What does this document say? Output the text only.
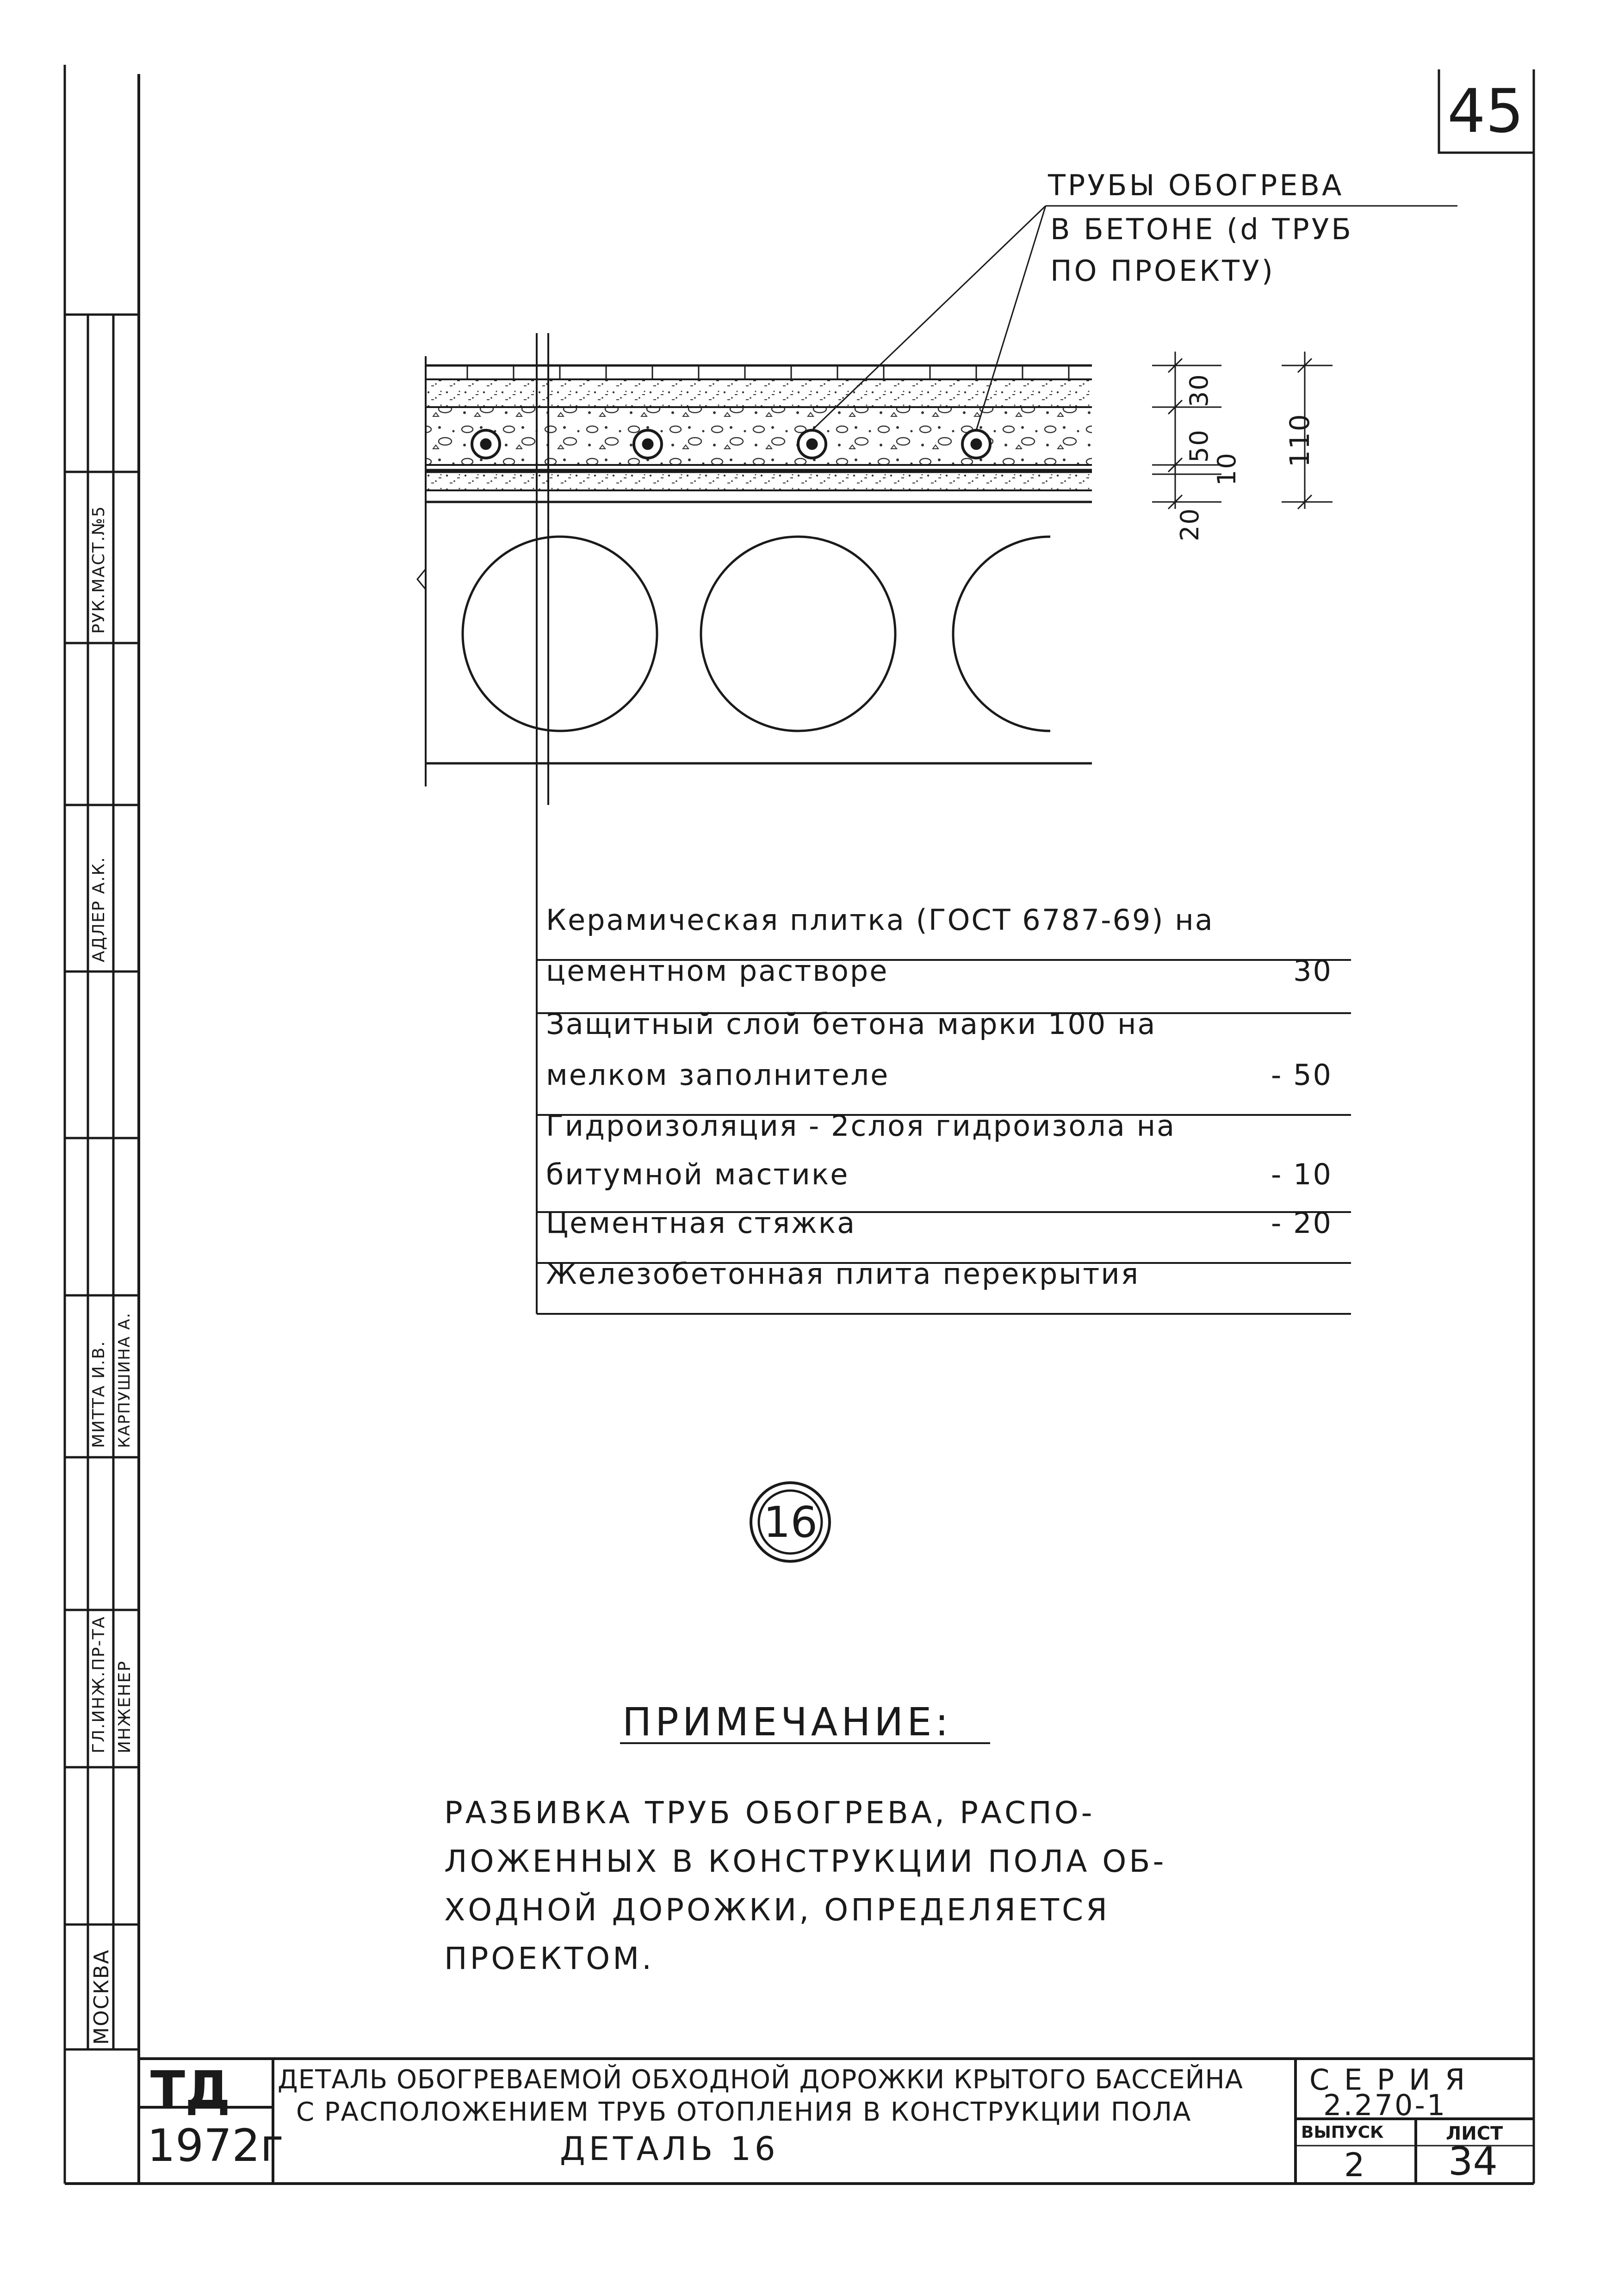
45
ТРУБЫ ОБОГРЕВА
В БЕТОНЕ (d ТРУБ
ПО ПРОЕКТУ)
30
50
10
20
110
Керамическая плитка (ГОСТ 6787-69) на
цементном растворе	30
Защитный слой бетона марки 100 на
мелком заполнителе	- 50
Гидроизоляция - 2слоя гидроизола на
битумной мастике	- 10
Цементная стяжка	- 20
Железобетонная плита перекрытия
16
ПРИМЕЧАНИЕ:
РАЗБИВКА ТРУБ ОБОГРЕВА, РАСПО-
ЛОЖЕННЫХ В КОНСТРУКЦИИ ПОЛА ОБ-
ХОДНОЙ ДОРОЖКИ, ОПРЕДЕЛЯЕТСЯ
ПРОЕКТОМ.
ТД
1972г
ДЕТАЛЬ ОБОГРЕВАЕМОЙ ОБХОДНОЙ ДОРОЖКИ КРЫТОГО БАССЕЙНА
С РАСПОЛОЖЕНИЕМ ТРУБ ОТОПЛЕНИЯ В КОНСТРУКЦИИ ПОЛА
ДЕТАЛЬ 16
С Е Р И Я
2.270-1
ВЫПУСК
2
ЛИСТ
34
МОСКВА
ГЛ.ИНЖ.ПР-ТА ИНЖЕНЕР
МИТТА И.В. КАРПУШИНА А.
АДЛЕР А.К.
РУК.МАСТ.№5
